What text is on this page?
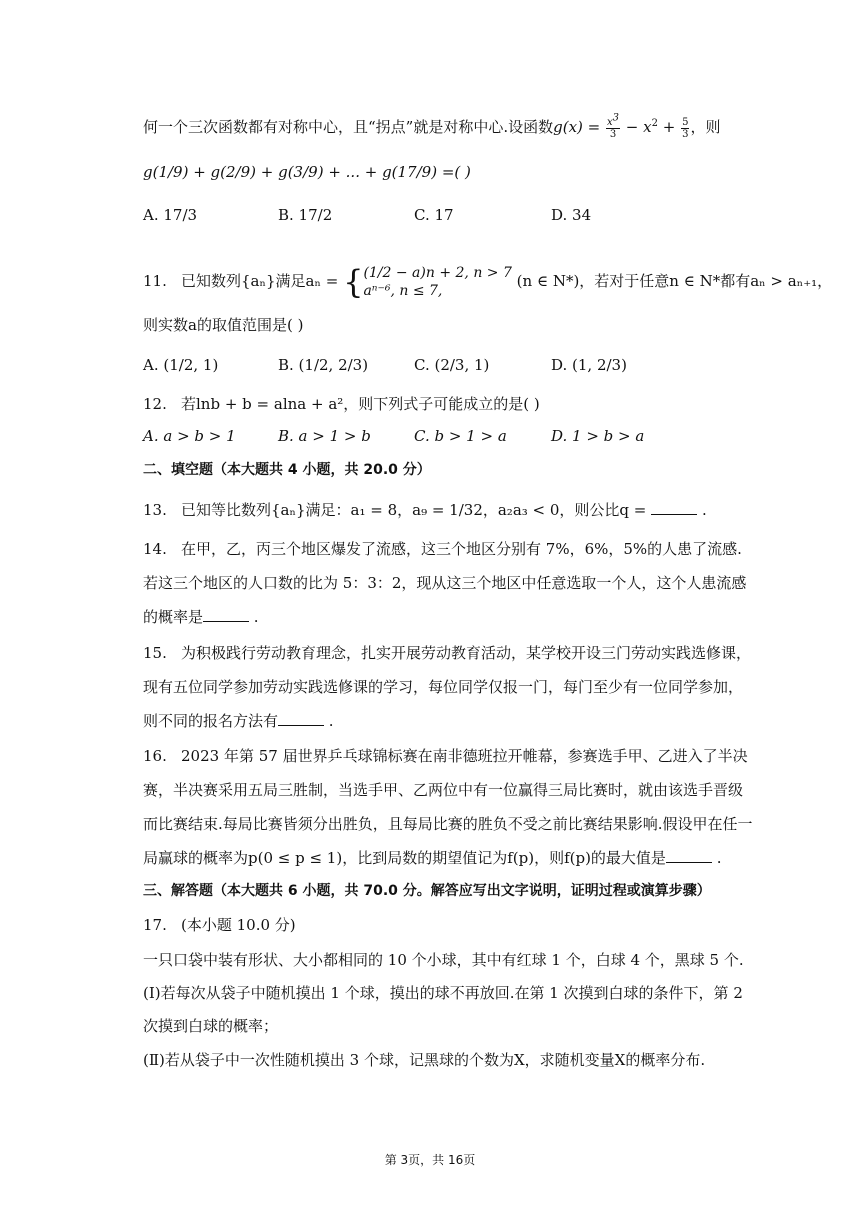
何一个三次函数都有对称中心，且“拐点”就是对称中心.设函数$g(x) = \frac{x3}{3} - x^2 + \frac{5}{3}$ ，则
g(1/9) + g(2/9) + g(3/9) + ... + g(17/9) =( )
A. 17/3	B. 17/2	C. 17	D. 34
11. 已知数列{aₙ}满足aₙ = { (1/2 − a)n + 2, n > 7
aⁿ⁻⁶, n ≤ 7,
(n ∈ N*)，若对于任意n ∈ N*都有aₙ > aₙ₊₁，
则实数a的取值范围是( )
A. (1/2, 1)	B. (1/2, 2/3)	C. (2/3, 1)	D. (1, 2/3)
12. 若lnb + b = alna + a²，则下列式子可能成立的是( )
A. a > b > 1	B. a > 1 > b	C. b > 1 > a	D. 1 > b > a
二、填空题（本大题共 4 小题，共 20.0 分）
13. 已知等比数列{aₙ}满足：a₁ = 8，a₉ = 1/32，a₂a₃ < 0，则公比q =	.
14. 在甲，乙，丙三个地区爆发了流感，这三个地区分别有 7%，6%，5%的人患了流感.
若这三个地区的人口数的比为 5：3：2，现从这三个地区中任意选取一个人，这个人患流感
的概率是	.
15. 为积极践行劳动教育理念，扎实开展劳动教育活动，某学校开设三门劳动实践选修课，
现有五位同学参加劳动实践选修课的学习，每位同学仅报一门，每门至少有一位同学参加，
则不同的报名方法有	.
16. 2023 年第 57 届世界乒乓球锦标赛在南非德班拉开帷幕，参赛选手甲、乙进入了半决
赛，半决赛采用五局三胜制，当选手甲、乙两位中有一位赢得三局比赛时，就由该选手晋级
而比赛结束.每局比赛皆须分出胜负，且每局比赛的胜负不受之前比赛结果影响.假设甲在任一
局赢球的概率为p(0 ≤ p ≤ 1)，比到局数的期望值记为f(p)，则f(p)的最大值是	.
三、解答题（本大题共 6 小题，共 70.0 分。解答应写出文字说明，证明过程或演算步骤）
17. (本小题 10.0 分)
一只口袋中装有形状、大小都相同的 10 个小球，其中有红球 1 个，白球 4 个，黑球 5 个.
(Ⅰ)若每次从袋子中随机摸出 1 个球，摸出的球不再放回.在第 1 次摸到白球的条件下，第 2
次摸到白球的概率；
(Ⅱ)若从袋子中一次性随机摸出 3 个球，记黑球的个数为X，求随机变量X的概率分布.
第 3页，共 16页
